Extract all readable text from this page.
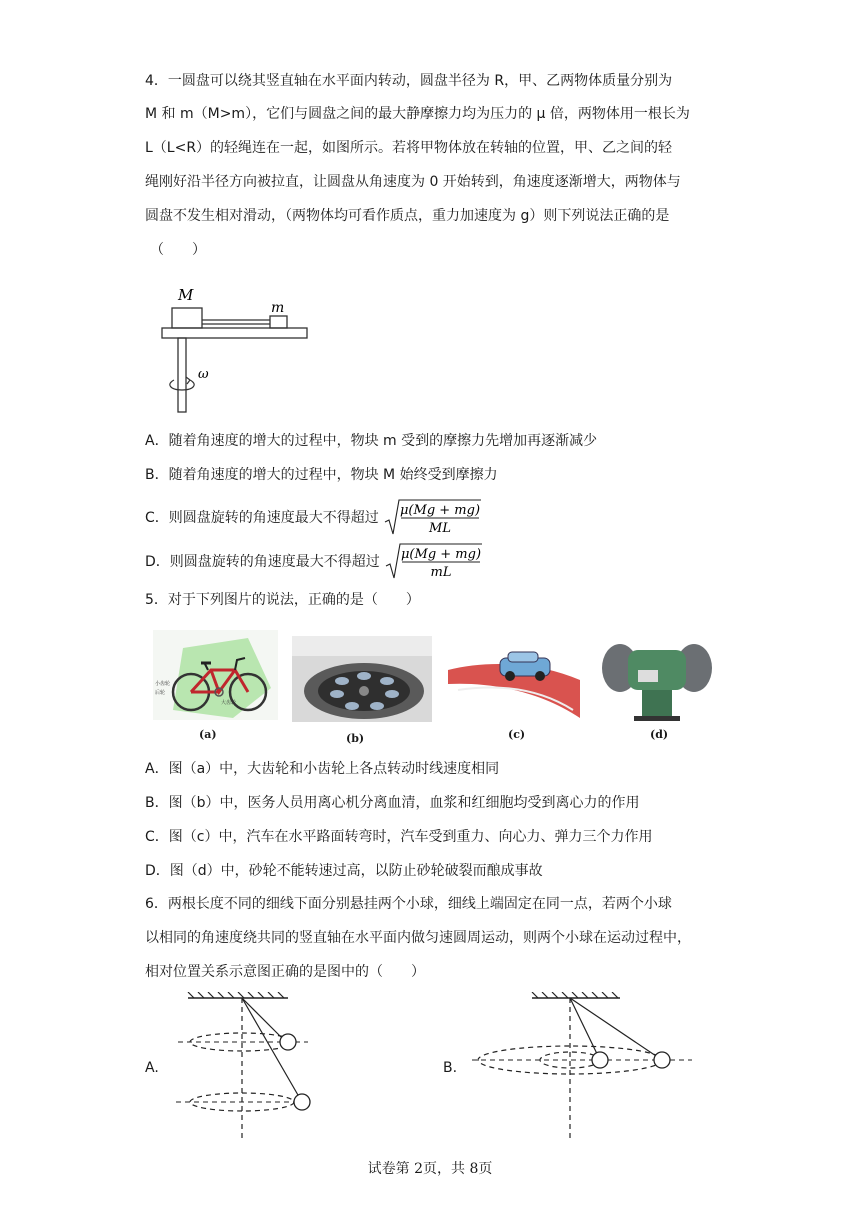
4．一圆盘可以绕其竖直轴在水平面内转动，圆盘半径为 R，甲、乙两物体质量分别为
M 和 m（M>m），它们与圆盘之间的最大静摩擦力均为压力的 μ 倍，两物体用一根长为
L（L<R）的轻绳连在一起，如图所示。若将甲物体放在转轴的位置，甲、乙之间的轻
绳刚好沿半径方向被拉直，让圆盘从角速度为 0 开始转到，角速度逐渐增大，两物体与
圆盘不发生相对滑动，（两物体均可看作质点，重力加速度为 g）则下列说法正确的是
（　　）
M
m
ω
A．随着角速度的增大的过程中，物块 m 受到的摩擦力先增加再逐渐减少
B．随着角速度的增大的过程中，物块 M 始终受到摩擦力
C．则圆盘旋转的角速度最大不得超过 μ(Mg + mg)
ML
D．则圆盘旋转的角速度最大不得超过 μ(Mg + mg)
mL
5．对于下列图片的说法，正确的是（　　）
小齿轮
后轮
大齿轮
(a)	(b)	(c)	(d)
A．图（a）中，大齿轮和小齿轮上各点转动时线速度相同
B．图（b）中，医务人员用离心机分离血清，血浆和红细胞均受到离心力的作用
C．图（c）中，汽车在水平路面转弯时，汽车受到重力、向心力、弹力三个力作用
D．图（d）中，砂轮不能转速过高，以防止砂轮破裂而酿成事故
6．两根长度不同的细线下面分别悬挂两个小球，细线上端固定在同一点，若两个小球
以相同的角速度绕共同的竖直轴在水平面内做匀速圆周运动，则两个小球在运动过程中，
相对位置关系示意图正确的是图中的（　　）
A.	B.
试卷第 2页，共 8页
